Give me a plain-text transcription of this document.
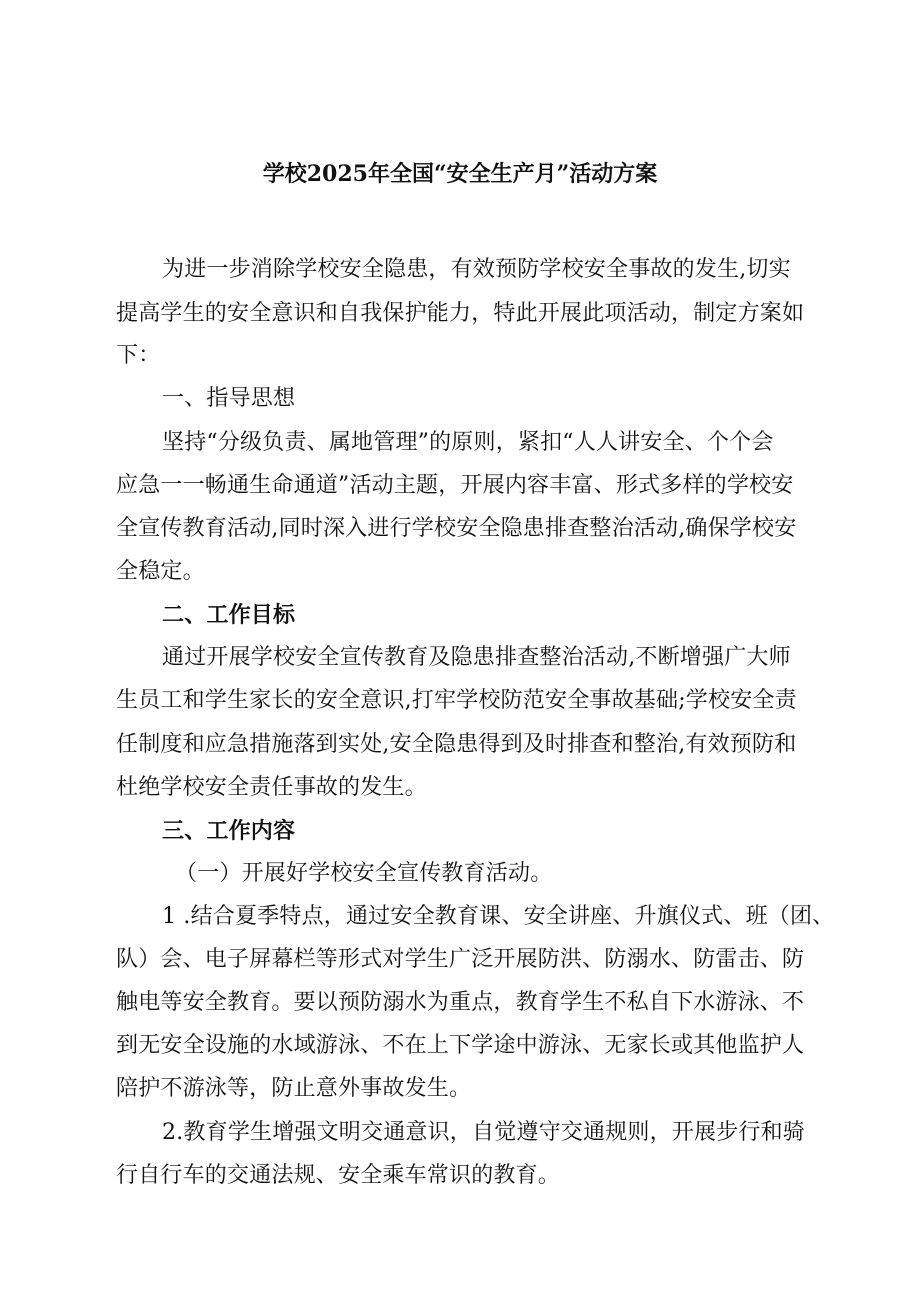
学校2025年全国“安全生产月”活动方案
为进一步消除学校安全隐患，有效预防学校安全事故的发生,切实
提高学生的安全意识和自我保护能力，特此开展此项活动，制定方案如
下：
一、指导思想
坚持“分级负责、属地管理”的原则，紧扣“人人讲安全、个个会
应急一一畅通生命通道”活动主题，开展内容丰富、形式多样的学校安
全宣传教育活动,同时深入进行学校安全隐患排查整治活动,确保学校安
全稳定。
二、工作目标
通过开展学校安全宣传教育及隐患排查整治活动,不断增强广大师
生员工和学生家长的安全意识,打牢学校防范安全事故基础;学校安全责
任制度和应急措施落到实处,安全隐患得到及时排查和整治,有效预防和
杜绝学校安全责任事故的发生。
三、工作内容
（一）开展好学校安全宣传教育活动。
1 .结合夏季特点，通过安全教育课、安全讲座、升旗仪式、班（团、
队）会、电子屏幕栏等形式对学生广泛开展防洪、防溺水、防雷击、防
触电等安全教育。要以预防溺水为重点，教育学生不私自下水游泳、不
到无安全设施的水域游泳、不在上下学途中游泳、无家长或其他监护人
陪护不游泳等，防止意外事故发生。
2.教育学生增强文明交通意识，自觉遵守交通规则，开展步行和骑
行自行车的交通法规、安全乘车常识的教育。
